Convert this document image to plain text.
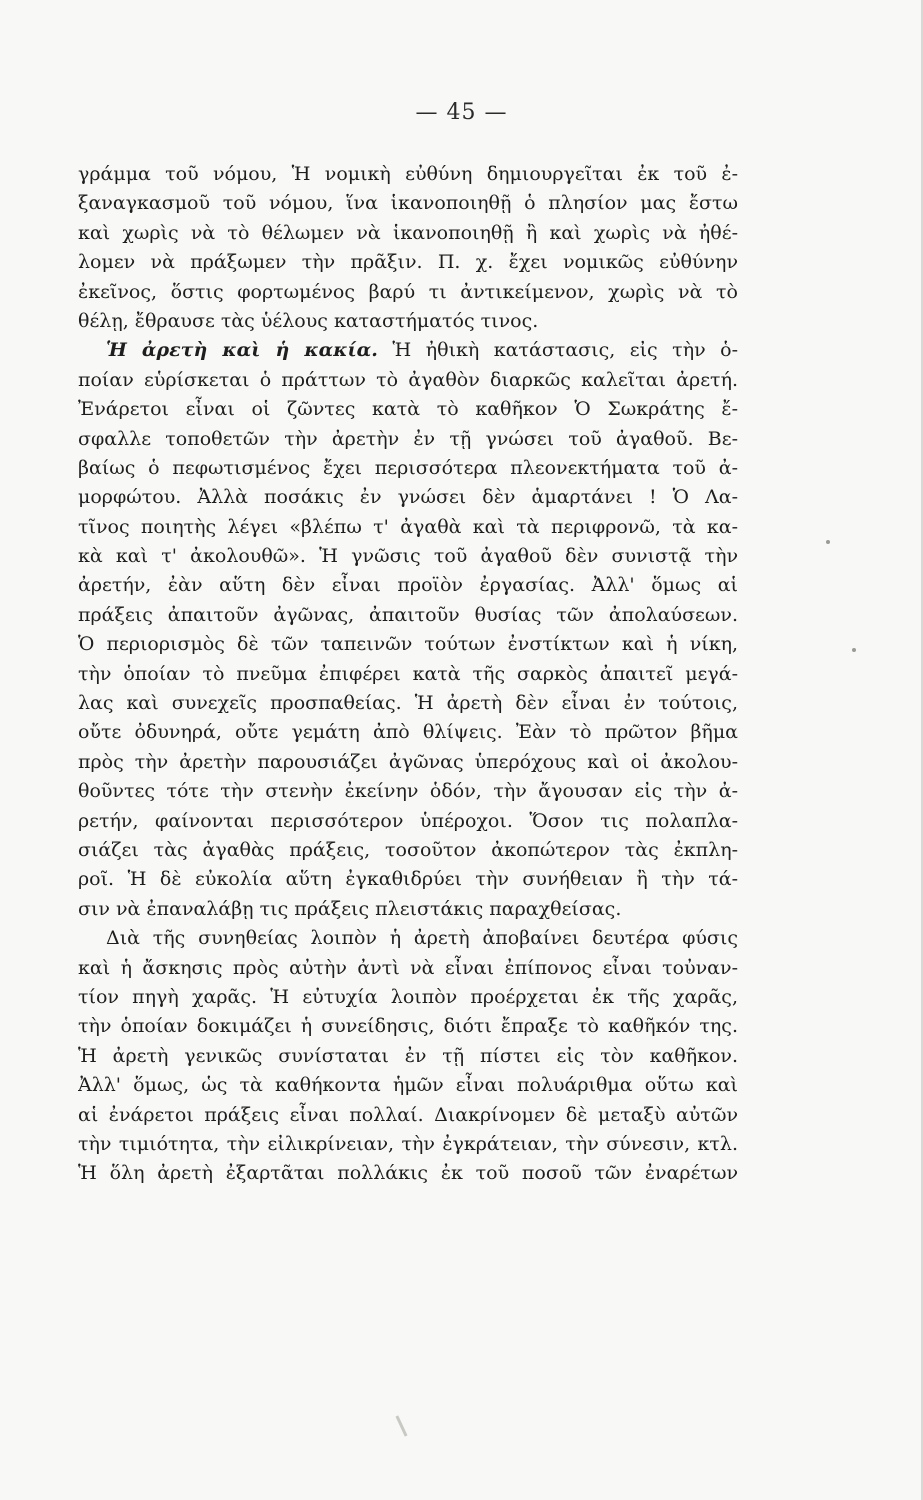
— 45 —
γράμμα τοῦ νόμου, Ἡ νομικὴ εὐθύνη δημιουργεῖται ἐκ τοῦ ἐ-
ξαναγκασμοῦ τοῦ νόμου, ἵνα ἱκανοποιηθῇ ὁ πλησίον μας ἔστω
καὶ χωρὶς νὰ τὸ θέλωμεν νὰ ἱκανοποιηθῇ ἢ καὶ χωρὶς νὰ ἠθέ-
λομεν νὰ πράξωμεν τὴν πρᾶξιν. Π. χ. ἔχει νομικῶς εὐθύνην
ἐκεῖνος, ὅστις φορτωμένος βαρύ τι ἀντικείμενον, χωρὶς νὰ τὸ
θέλῃ, ἔθραυσε τὰς ὑέλους καταστήματός τινος.
Ἡ ἀρετὴ καὶ ἡ κακία. Ἡ ἠθικὴ κατάστασις, εἰς τὴν ὁ-
ποίαν εὑρίσκεται ὁ πράττων τὸ ἀγαθὸν διαρκῶς καλεῖται ἀρετή.
Ἐνάρετοι εἶναι οἱ ζῶντες κατὰ τὸ καθῆκον Ὁ Σωκράτης ἔ-
σφαλλε τοποθετῶν τὴν ἀρετὴν ἐν τῇ γνώσει τοῦ ἀγαθοῦ. Βε-
βαίως ὁ πεφωτισμένος ἔχει περισσότερα πλεονεκτήματα τοῦ ἀ-
μορφώτου. Ἀλλὰ ποσάκις ἐν γνώσει δὲν ἁμαρτάνει ! Ὁ Λα-
τῖνος ποιητὴς λέγει «βλέπω τ' ἀγαθὰ καὶ τὰ περιφρονῶ, τὰ κα-
κὰ καὶ τ' ἀκολουθῶ». Ἡ γνῶσις τοῦ ἀγαθοῦ δὲν συνιστᾷ τὴν
ἀρετήν, ἐὰν αὕτη δὲν εἶναι προϊὸν ἐργασίας. Ἀλλ' ὅμως αἱ
πράξεις ἀπαιτοῦν ἀγῶνας, ἀπαιτοῦν θυσίας τῶν ἀπολαύσεων.
Ὁ περιορισμὸς δὲ τῶν ταπεινῶν τούτων ἐνστίκτων καὶ ἡ νίκη,
τὴν ὁποίαν τὸ πνεῦμα ἐπιφέρει κατὰ τῆς σαρκὸς ἀπαιτεῖ μεγά-
λας καὶ συνεχεῖς προσπαθείας. Ἡ ἀρετὴ δὲν εἶναι ἐν τούτοις,
οὔτε ὀδυνηρά, οὔτε γεμάτη ἀπὸ θλίψεις. Ἐὰν τὸ πρῶτον βῆμα
πρὸς τὴν ἀρετὴν παρουσιάζει ἀγῶνας ὑπερόχους καὶ οἱ ἀκολου-
θοῦντες τότε τὴν στενὴν ἐκείνην ὁδόν, τὴν ἄγουσαν εἰς τὴν ἀ-
ρετήν, φαίνονται περισσότερον ὑπέροχοι. Ὅσον τις πολαπλα-
σιάζει τὰς ἀγαθὰς πράξεις, τοσοῦτον ἀκοπώτερον τὰς ἐκπλη-
ροῖ. Ἡ δὲ εὐκολία αὕτη ἐγκαθιδρύει τὴν συνήθειαν ἢ τὴν τά-
σιν νὰ ἐπαναλάβῃ τις πράξεις πλειστάκις παραχθείσας.
Διὰ τῆς συνηθείας λοιπὸν ἡ ἀρετὴ ἀποβαίνει δευτέρα φύσις
καὶ ἡ ἄσκησις πρὸς αὐτὴν ἀντὶ νὰ εἶναι ἐπίπονος εἶναι τοὐναν-
τίον πηγὴ χαρᾶς. Ἡ εὐτυχία λοιπὸν προέρχεται ἐκ τῆς χαρᾶς,
τὴν ὁποίαν δοκιμάζει ἡ συνείδησις, διότι ἔπραξε τὸ καθῆκόν της.
Ἡ ἀρετὴ γενικῶς συνίσταται ἐν τῇ πίστει εἰς τὸν καθῆκον.
Ἀλλ' ὅμως, ὡς τὰ καθήκοντα ἡμῶν εἶναι πολυάριθμα οὕτω καὶ
αἱ ἐνάρετοι πράξεις εἶναι πολλαί. Διακρίνομεν δὲ μεταξὺ αὐτῶν
τὴν τιμιότητα, τὴν εἰλικρίνειαν, τὴν ἐγκράτειαν, τὴν σύνεσιν, κτλ.
Ἡ ὅλη ἀρετὴ ἐξαρτᾶται πολλάκις ἐκ τοῦ ποσοῦ τῶν ἐναρέτων
